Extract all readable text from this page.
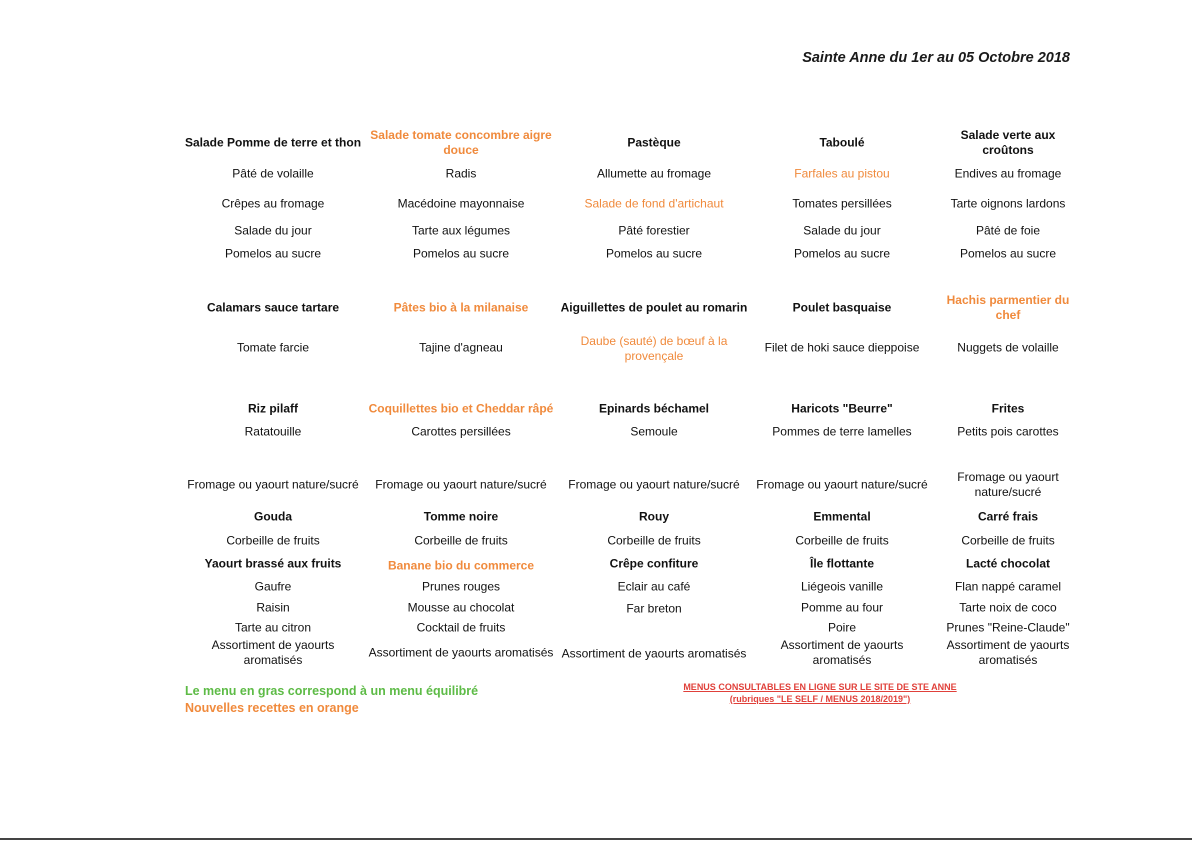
Sainte Anne du 1er au 05 Octobre 2018
Salade Pomme de terre et thon
Pâté de volaille
Crêpes au fromage
Salade du jour
Pomelos au sucre
Calamars sauce tartare
Tomate farcie
Riz pilaff
Ratatouille
Fromage ou yaourt nature/sucré
Gouda
Corbeille de fruits
Yaourt brassé aux fruits
Gaufre
Raisin
Tarte au citron
Assortiment de yaourts aromatisés
Salade tomate concombre aigre douce
Radis
Macédoine mayonnaise
Tarte aux légumes
Pomelos au sucre
Pâtes bio à la milanaise
Tajine d'agneau
Coquillettes bio et Cheddar râpé
Carottes persillées
Fromage ou yaourt nature/sucré
Tomme noire
Corbeille de fruits
Banane bio du commerce
Prunes rouges
Mousse au chocolat
Cocktail de fruits
Assortiment de yaourts aromatisés
Pastèque
Allumette au fromage
Salade de fond d'artichaut
Pâté forestier
Pomelos au sucre
Aiguillettes de poulet au romarin
Daube (sauté) de bœuf à la provençale
Epinards béchamel
Semoule
Fromage ou yaourt nature/sucré
Rouy
Corbeille de fruits
Crêpe confiture
Eclair au café
Far breton
Assortiment de yaourts aromatisés
Taboulé
Farfales au pistou
Tomates persillées
Salade du jour
Pomelos au sucre
Poulet basquaise
Filet de hoki sauce dieppoise
Haricots "Beurre"
Pommes de terre lamelles
Fromage ou yaourt nature/sucré
Emmental
Corbeille de fruits
Île flottante
Liégeois vanille
Pomme au four
Poire
Assortiment de yaourts aromatisés
Salade verte aux croûtons
Endives au fromage
Tarte oignons lardons
Pâté de foie
Pomelos au sucre
Hachis parmentier du chef
Nuggets de volaille
Frites
Petits pois carottes
Fromage ou yaourt nature/sucré
Carré frais
Corbeille de fruits
Lacté chocolat
Flan nappé caramel
Tarte noix de coco
Prunes "Reine-Claude"
Assortiment de yaourts aromatisés
Le menu en gras correspond à un menu équilibré
Nouvelles recettes en orange
MENUS CONSULTABLES EN LIGNE SUR LE SITE DE STE ANNE
(rubriques "LE SELF / MENUS 2018/2019")
